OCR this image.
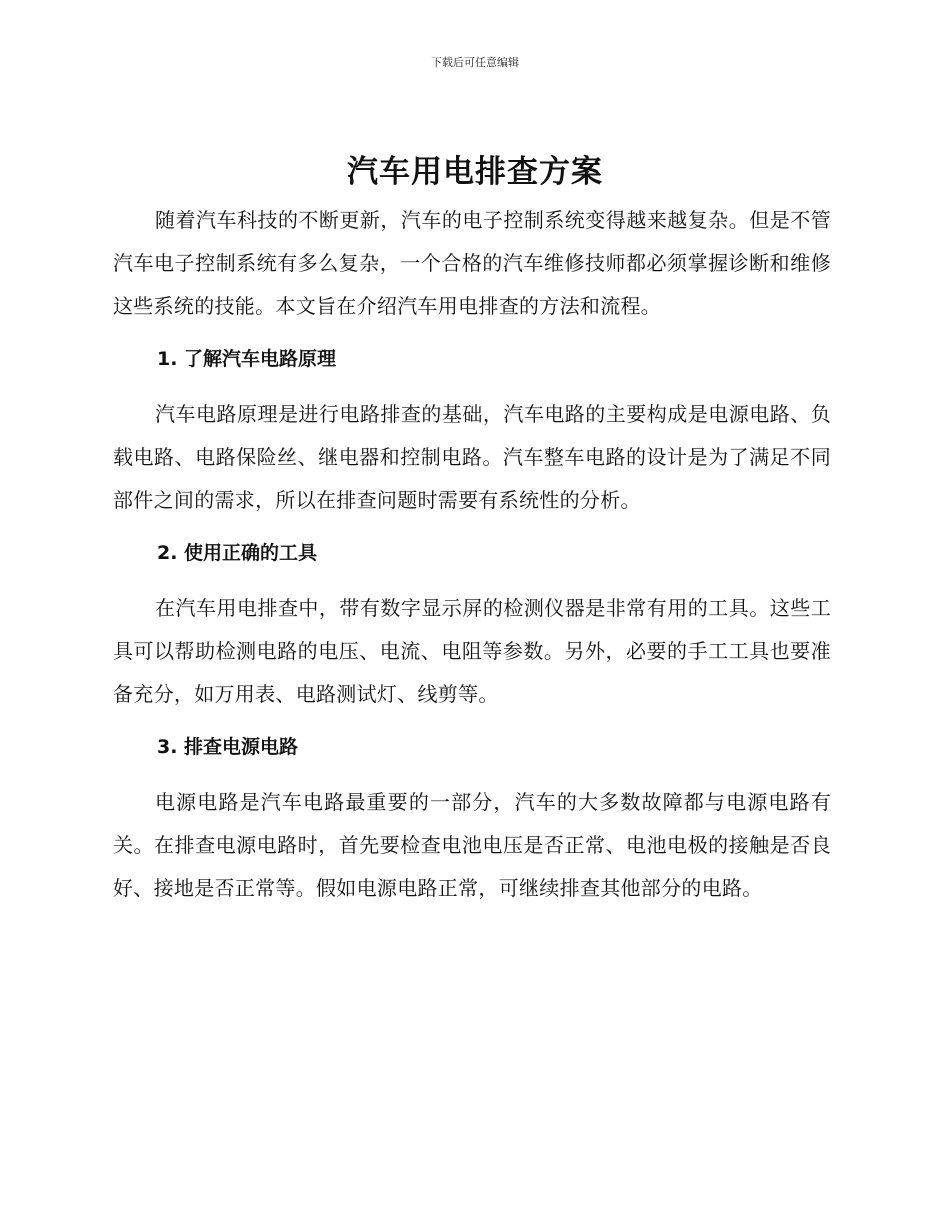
下载后可任意编辑
汽车用电排查方案

随着汽车科技的不断更新，汽车的电子控制系统变得越来越复杂。但是不管汽车电子控制系统有多么复杂，一个合格的汽车维修技师都必须掌握诊断和维修这些系统的技能。本文旨在介绍汽车用电排查的方法和流程。

1. 了解汽车电路原理

汽车电路原理是进行电路排查的基础，汽车电路的主要构成是电源电路、负载电路、电路保险丝、继电器和控制电路。汽车整车电路的设计是为了满足不同部件之间的需求，所以在排查问题时需要有系统性的分析。

2. 使用正确的工具

在汽车用电排查中，带有数字显示屏的检测仪器是非常有用的工具。这些工具可以帮助检测电路的电压、电流、电阻等参数。另外，必要的手工工具也要准备充分，如万用表、电路测试灯、线剪等。

3. 排查电源电路

电源电路是汽车电路最重要的一部分，汽车的大多数故障都与电源电路有关。在排查电源电路时，首先要检查电池电压是否正常、电池电极的接触是否良好、接地是否正常等。假如电源电路正常，可继续排查其他部分的电路。
